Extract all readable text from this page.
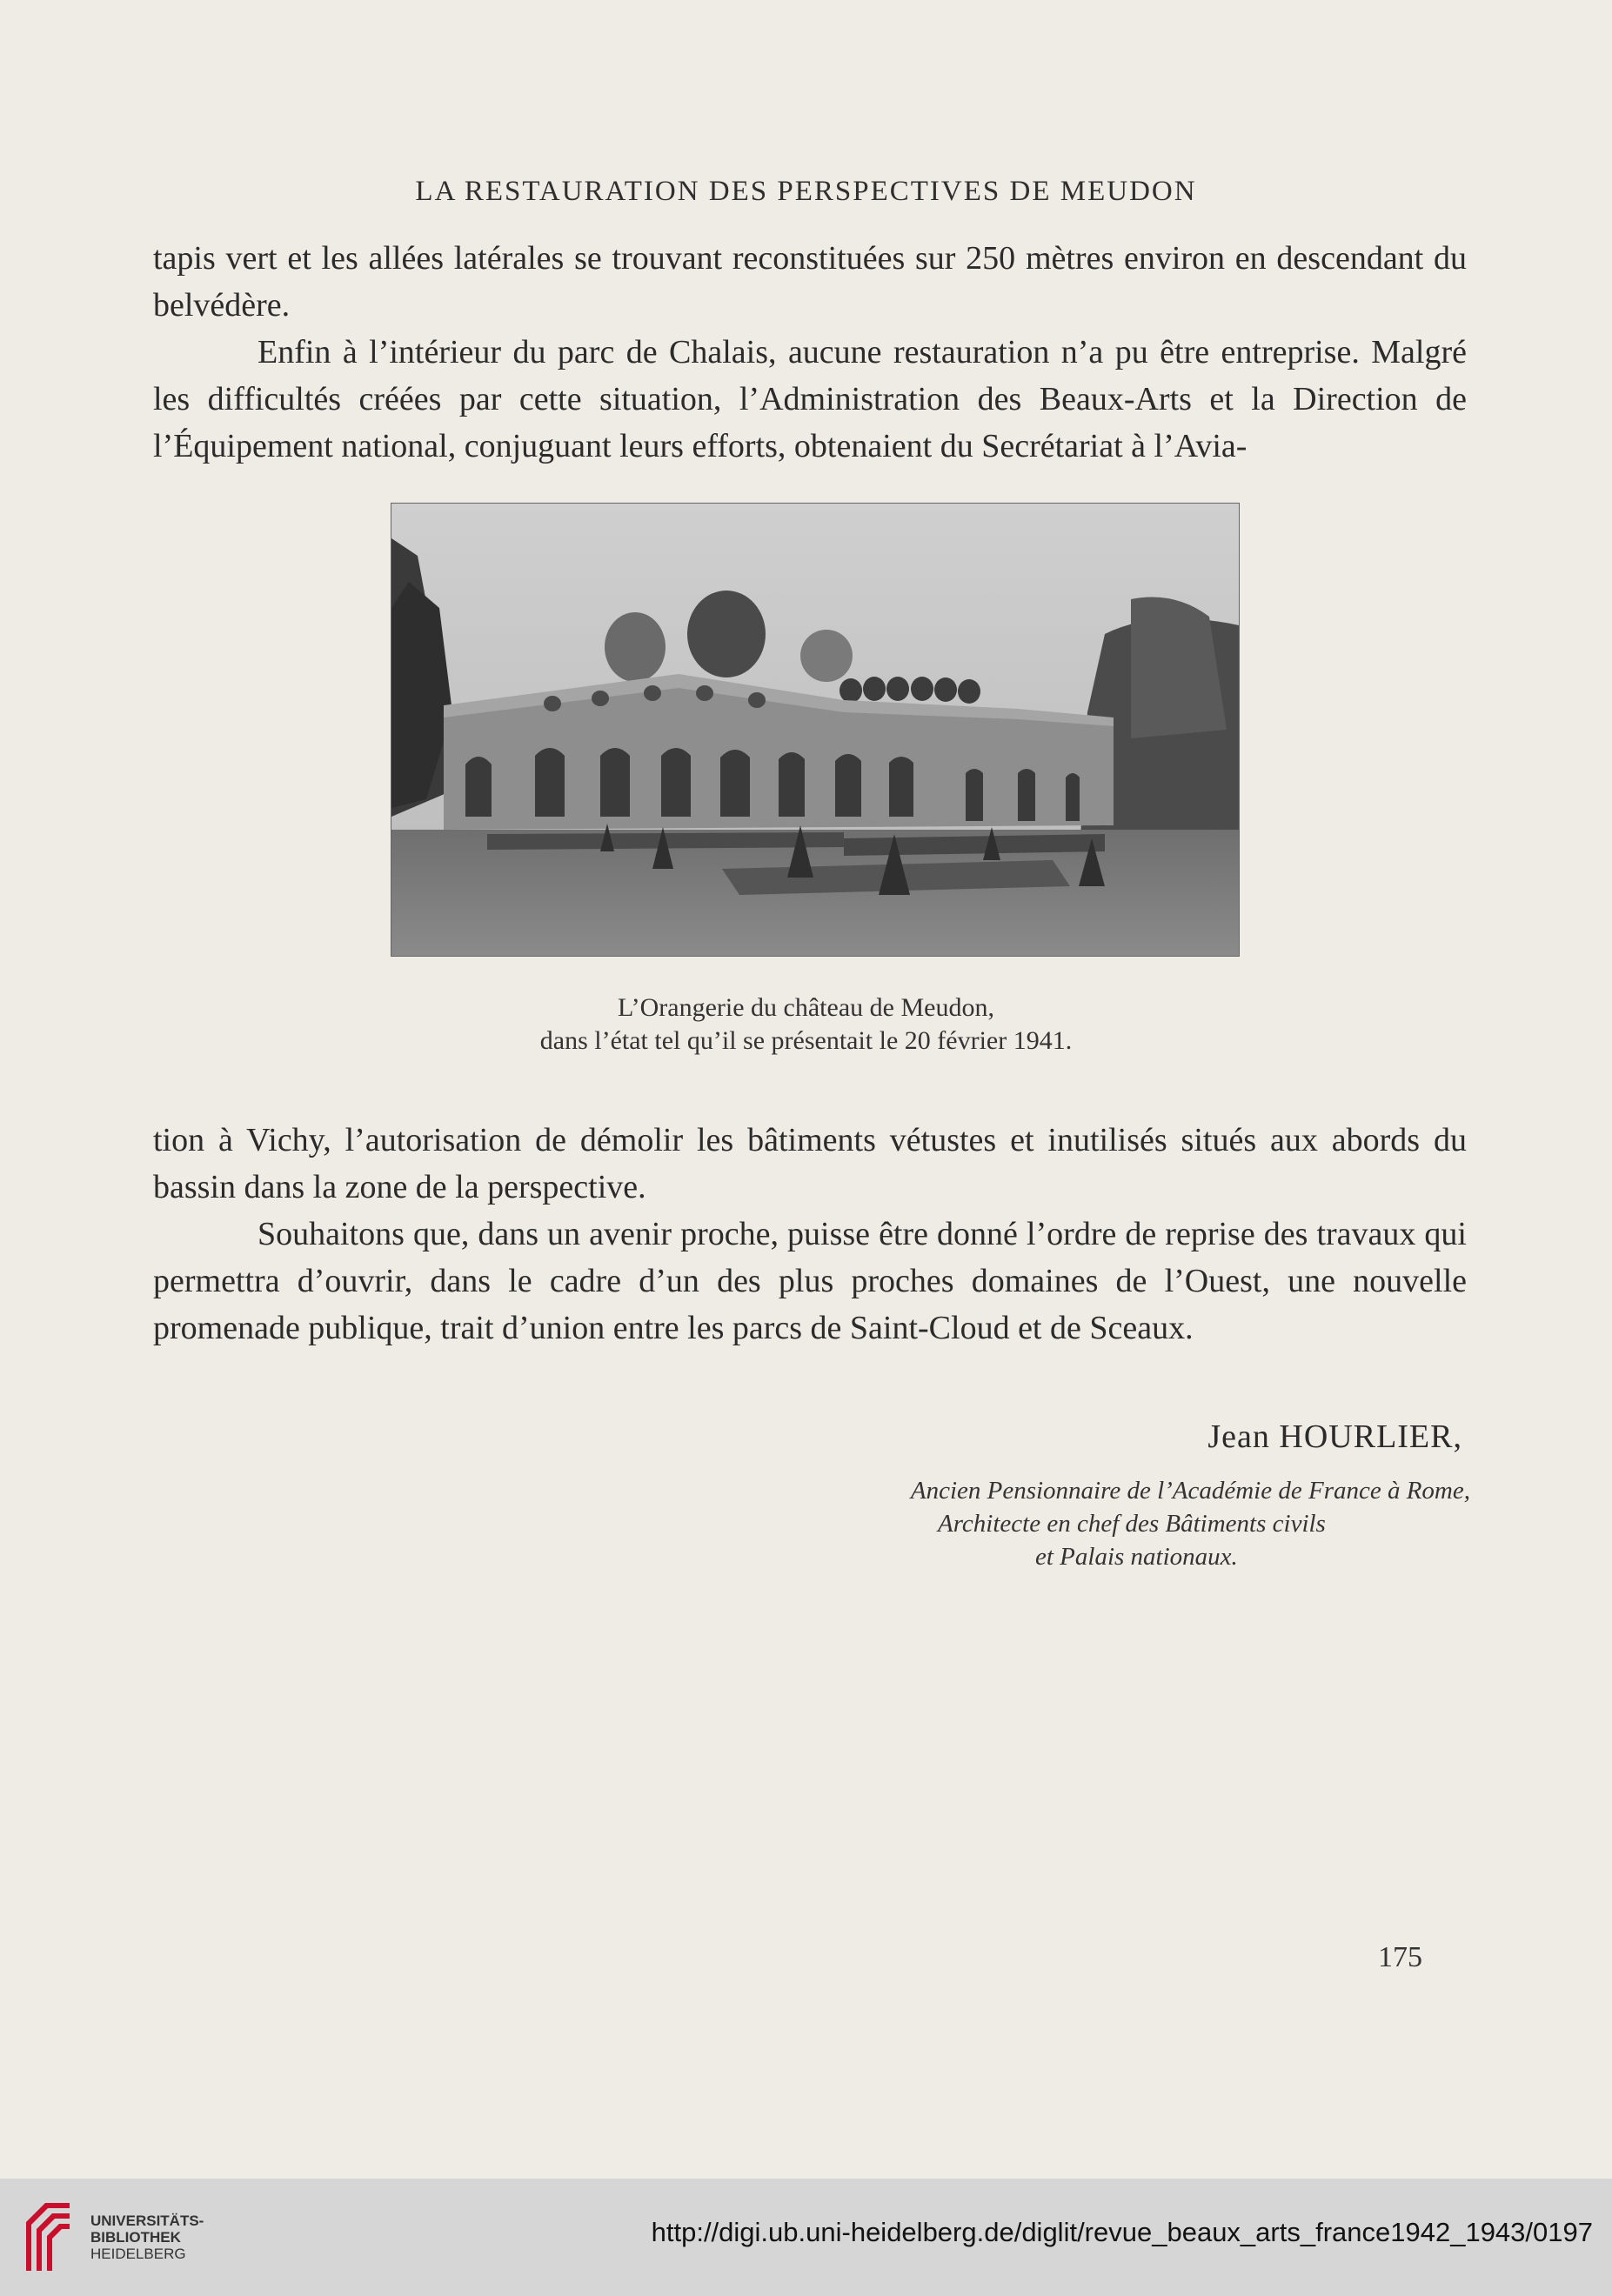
LA RESTAURATION DES PERSPECTIVES DE MEUDON

tapis vert et les allées latérales se trouvant reconstituées sur 250 mètres environ en descendant du belvédère.

Enfin à l’intérieur du parc de Chalais, aucune restauration n’a pu être entreprise. Malgré les difficultés créées par cette situation, l’Administration des Beaux-Arts et la Direction de l’Équipement national, conjuguant leurs efforts, obtenaient du Secrétariat à l’Avia-

L’Orangerie du château de Meudon,
dans l’état tel qu’il se présentait le 20 février 1941.

tion à Vichy, l’autorisation de démolir les bâtiments vétustes et inutilisés situés aux abords du bassin dans la zone de la perspective.

Souhaitons que, dans un avenir proche, puisse être donné l’ordre de reprise des travaux qui permettra d’ouvrir, dans le cadre d’un des plus proches domaines de l’Ouest, une nouvelle promenade publique, trait d’union entre les parcs de Saint-Cloud et de Sceaux.

Jean HOURLIER,
Ancien Pensionnaire de l’Académie de France à Rome,
Architecte en chef des Bâtiments civils
et Palais nationaux.
175
UNIVERSITÄTS-
BIBLIOTHEK
HEIDELBERG
http://digi.ub.uni-heidelberg.de/diglit/revue_beaux_arts_france1942_1943/0197
